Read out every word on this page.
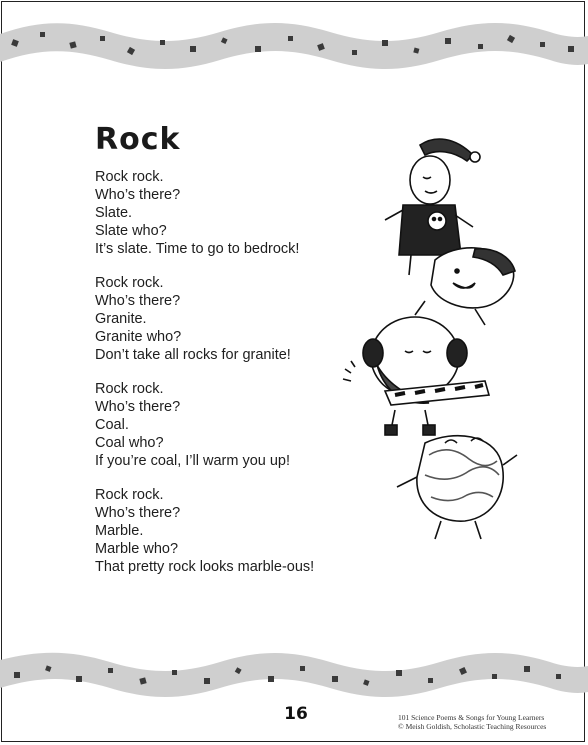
Rock
Rock rock.
Who’s there?
Slate.
Slate who?
It’s slate. Time to go to bedrock!
Rock rock.
Who’s there?
Granite.
Granite who?
Don’t take all rocks for granite!
Rock rock.
Who’s there?
Coal.
Coal who?
If you’re coal, I’ll warm you up!
Rock rock.
Who’s there?
Marble.
Marble who?
That pretty rock looks marble-ous!
16	101 Science Poems & Songs for Young Learners
© Meish Goldish, Scholastic Teaching Resources
